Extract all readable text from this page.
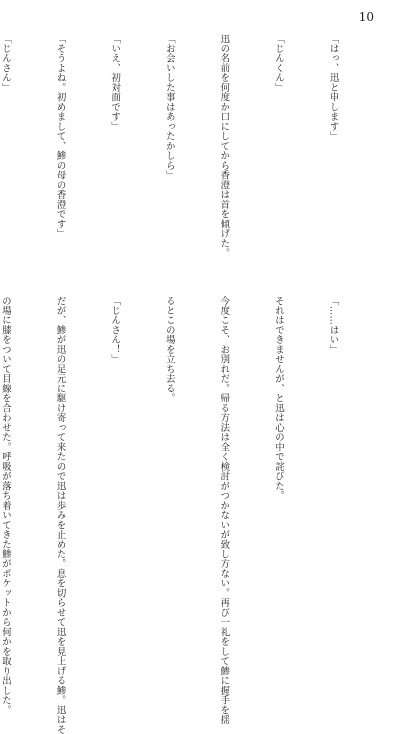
10

「はっ、迅と申します」

「じんくん」

迅の名前を何度か口にしてから香澄は首を傾げた。

「お会いした事はあったかしら」

「いえ、初対面です」

「そうよね。初めまして、鯵の母の香澄です」

「じんさん」

「……はい」

それはできませんが、と迅は心の中で詫びた。

今度こそ、お別れだ。帰る方法は全く検討がつかないが致し方ない。再び一礼をして鯵に握手を揺

るとこの場を立ち去る。

「じんさん！」

だが、鯵が迅の足元に駆け寄って来たので迅は歩みを止めた。息を切らせて迅を見上げる鯵。迅はそ

の場に膝をついて目線を合わせた。呼吸が落ち着いてきた鯵がポケットから何かを取り出した。
